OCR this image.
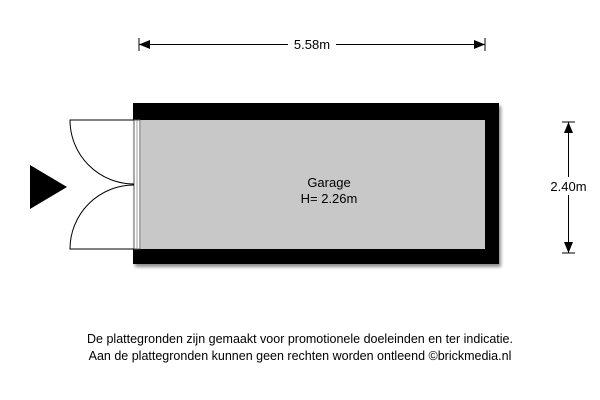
5.58m
2.40m
Garage
H= 2.26m
De plattegronden zijn gemaakt voor promotionele doeleinden en ter indicatie.
Aan de plattegronden kunnen geen rechten worden ontleend ©brickmedia.nl
